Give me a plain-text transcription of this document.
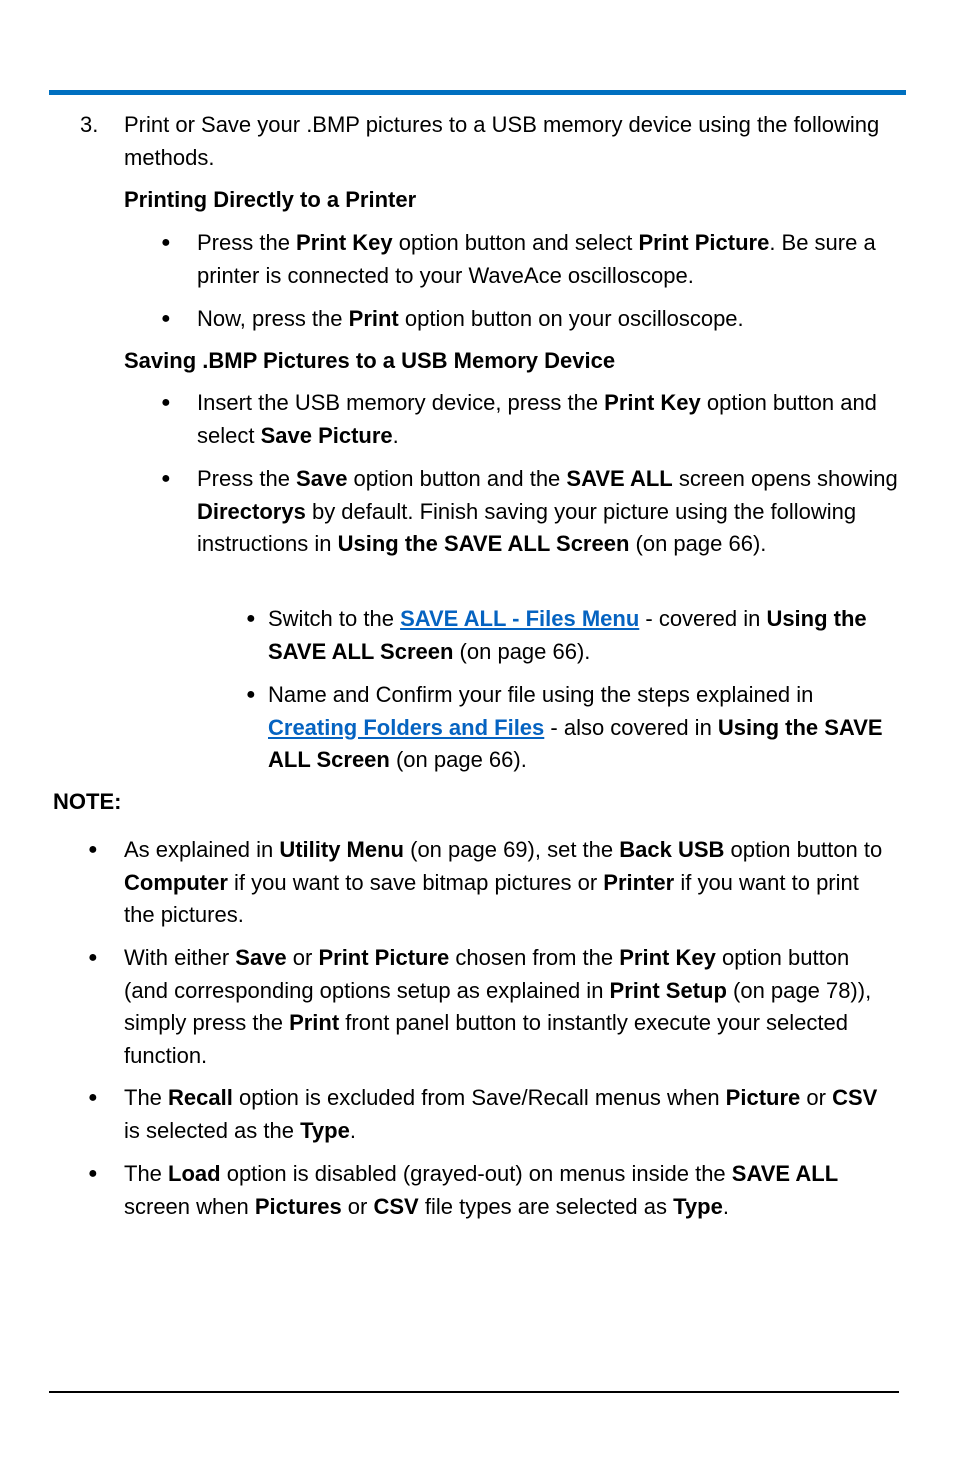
3. Print or Save your .BMP pictures to a USB memory device using the following methods.
Printing Directly to a Printer
● Press the Print Key option button and select Print Picture. Be sure a printer is connected to your WaveAce oscilloscope.
● Now, press the Print option button on your oscilloscope.
Saving .BMP Pictures to a USB Memory Device
● Insert the USB memory device, press the Print Key option button and select Save Picture.
● Press the Save option button and the SAVE ALL screen opens showing Directorys by default. Finish saving your picture using the following instructions in Using the SAVE ALL Screen (on page 66).
● Switch to the SAVE ALL - Files Menu - covered in Using the SAVE ALL Screen (on page 66).
● Name and Confirm your file using the steps explained in Creating Folders and Files - also covered in Using the SAVE ALL Screen (on page 66).
NOTE:
● As explained in Utility Menu (on page 69), set the Back USB option button to Computer if you want to save bitmap pictures or Printer if you want to print the pictures.
● With either Save or Print Picture chosen from the Print Key option button (and corresponding options setup as explained in Print Setup (on page 78)), simply press the Print front panel button to instantly execute your selected function.
● The Recall option is excluded from Save/Recall menus when Picture or CSV is selected as the Type.
● The Load option is disabled (grayed-out) on menus inside the SAVE ALL screen when Pictures or CSV file types are selected as Type.
